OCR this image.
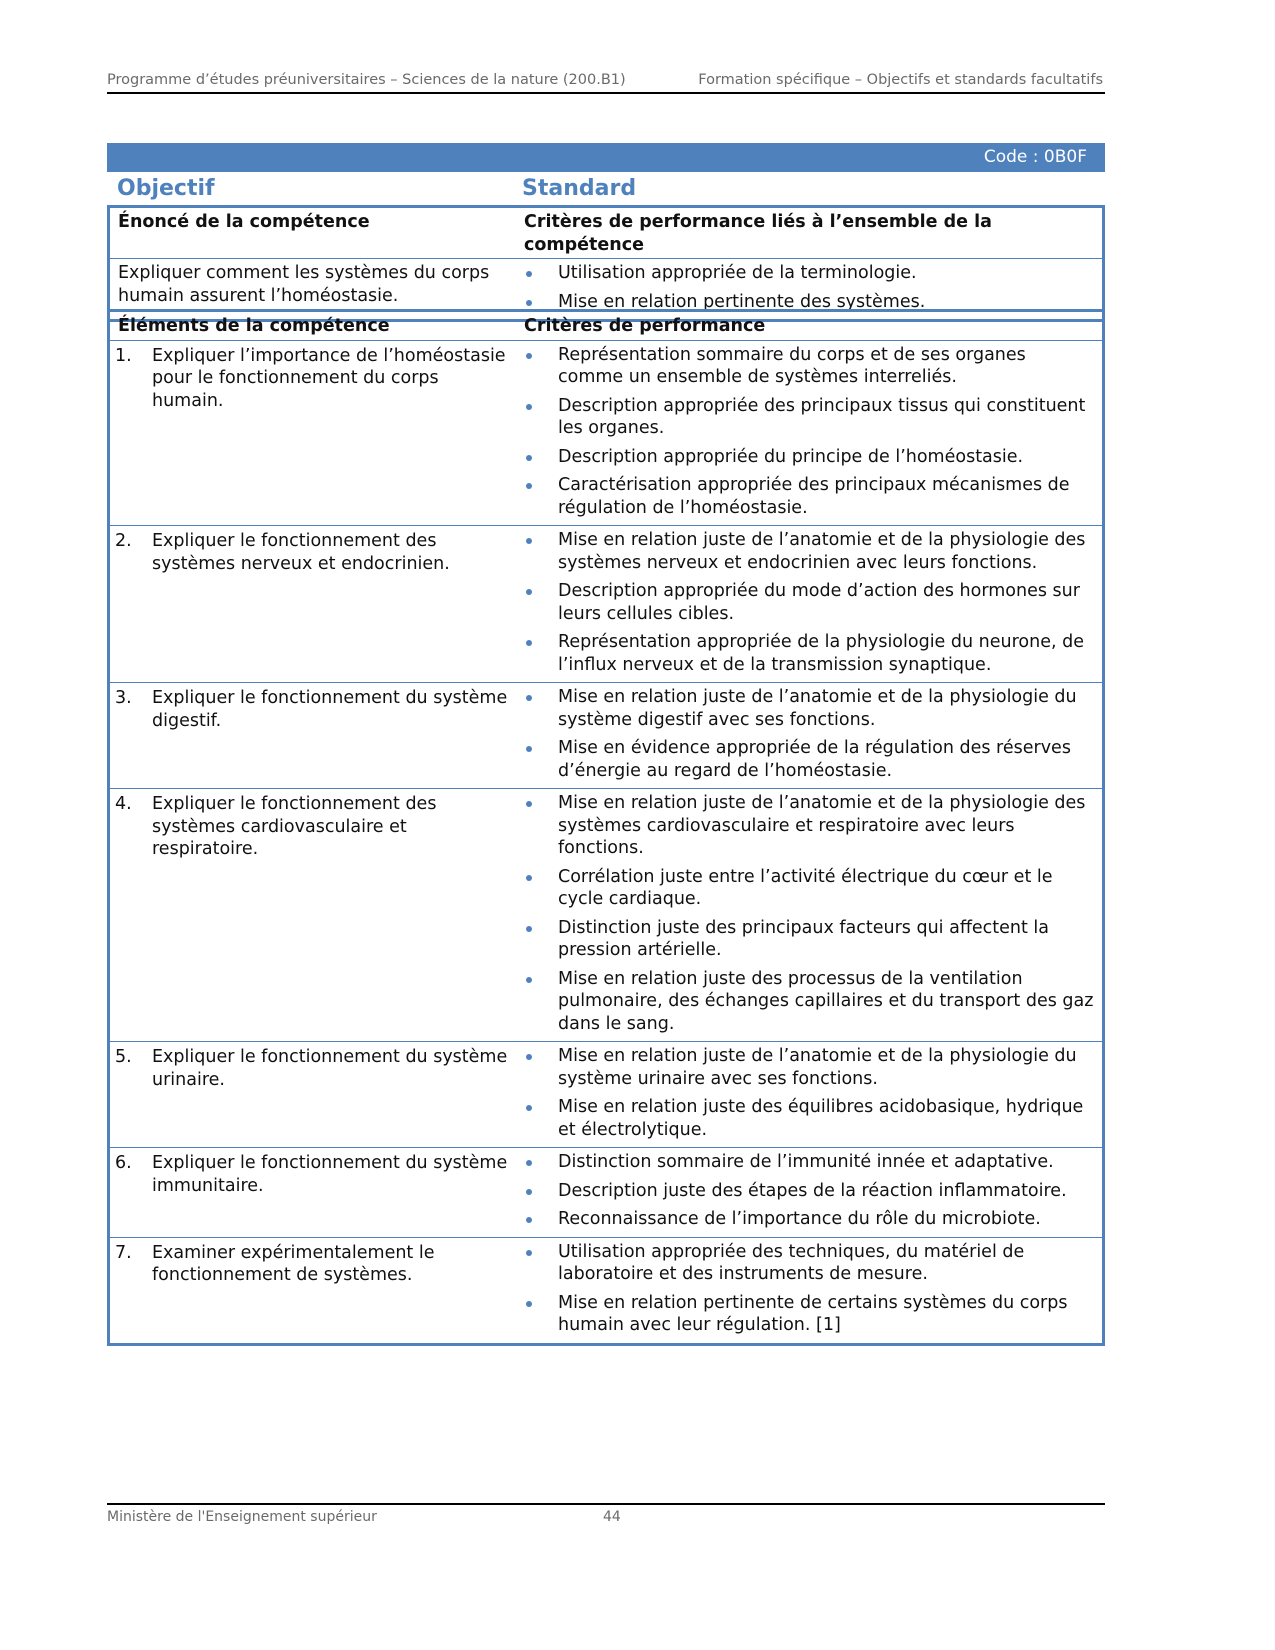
Programme d’études préuniversitaires – Sciences de la nature (200.B1)	Formation spécifique – Objectifs et standards facultatifs
Code : 0B0F
Objectif	Standard
Énoncé de la compétence	Critères de performance liés à l’ensemble de la compétence

Expliquer comment les systèmes du corps humain assurent l’homéostasie.

Utilisation appropriée de la terminologie.
Mise en relation pertinente des systèmes.
Éléments de la compétence	Critères de performance

1.	Expliquer l’importance de l’homéostasie pour le fonctionnement du corps humain.

Représentation sommaire du corps et de ses organes comme un ensemble de systèmes interreliés.
Description appropriée des principaux tissus qui constituent les organes.
Description appropriée du principe de l’homéostasie.
Caractérisation appropriée des principaux mécanismes de régulation de l’homéostasie.

2.	Expliquer le fonctionnement des systèmes nerveux et endocrinien.

Mise en relation juste de l’anatomie et de la physiologie des systèmes nerveux et endocrinien avec leurs fonctions.
Description appropriée du mode d’action des hormones sur leurs cellules cibles.
Représentation appropriée de la physiologie du neurone, de l’influx nerveux et de la transmission synaptique.

3.	Expliquer le fonctionnement du système digestif.

Mise en relation juste de l’anatomie et de la physiologie du système digestif avec ses fonctions.
Mise en évidence appropriée de la régulation des réserves d’énergie au regard de l’homéostasie.

4.	Expliquer le fonctionnement des systèmes cardiovasculaire et respiratoire.

Mise en relation juste de l’anatomie et de la physiologie des systèmes cardiovasculaire et respiratoire avec leurs fonctions.
Corrélation juste entre l’activité électrique du cœur et le cycle cardiaque.
Distinction juste des principaux facteurs qui affectent la pression artérielle.
Mise en relation juste des processus de la ventilation pulmonaire, des échanges capillaires et du transport des gaz dans le sang.

5.	Expliquer le fonctionnement du système urinaire.

Mise en relation juste de l’anatomie et de la physiologie du système urinaire avec ses fonctions.
Mise en relation juste des équilibres acidobasique, hydrique et électrolytique.

6.	Expliquer le fonctionnement du système immunitaire.

Distinction sommaire de l’immunité innée et adaptative.
Description juste des étapes de la réaction inflammatoire.
Reconnaissance de l’importance du rôle du microbiote.

7.	Examiner expérimentalement le fonctionnement de systèmes.

Utilisation appropriée des techniques, du matériel de laboratoire et des instruments de mesure.
Mise en relation pertinente de certains systèmes du corps humain avec leur régulation. [1]
Ministère de l'Enseignement supérieur	44
